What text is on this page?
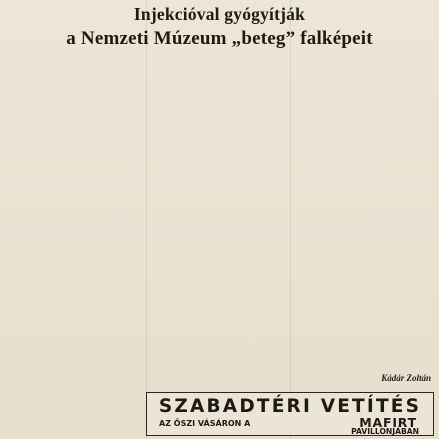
Injekcióval gyógyítják
a Nemzeti Múzeum „beteg” falképeit
Kádár Zoltán
SZABADTÉRI VETÍTÉS
AZ ŐSZI VÁSÁRON A	MAFIRT
PAVILLONJÁBAN
